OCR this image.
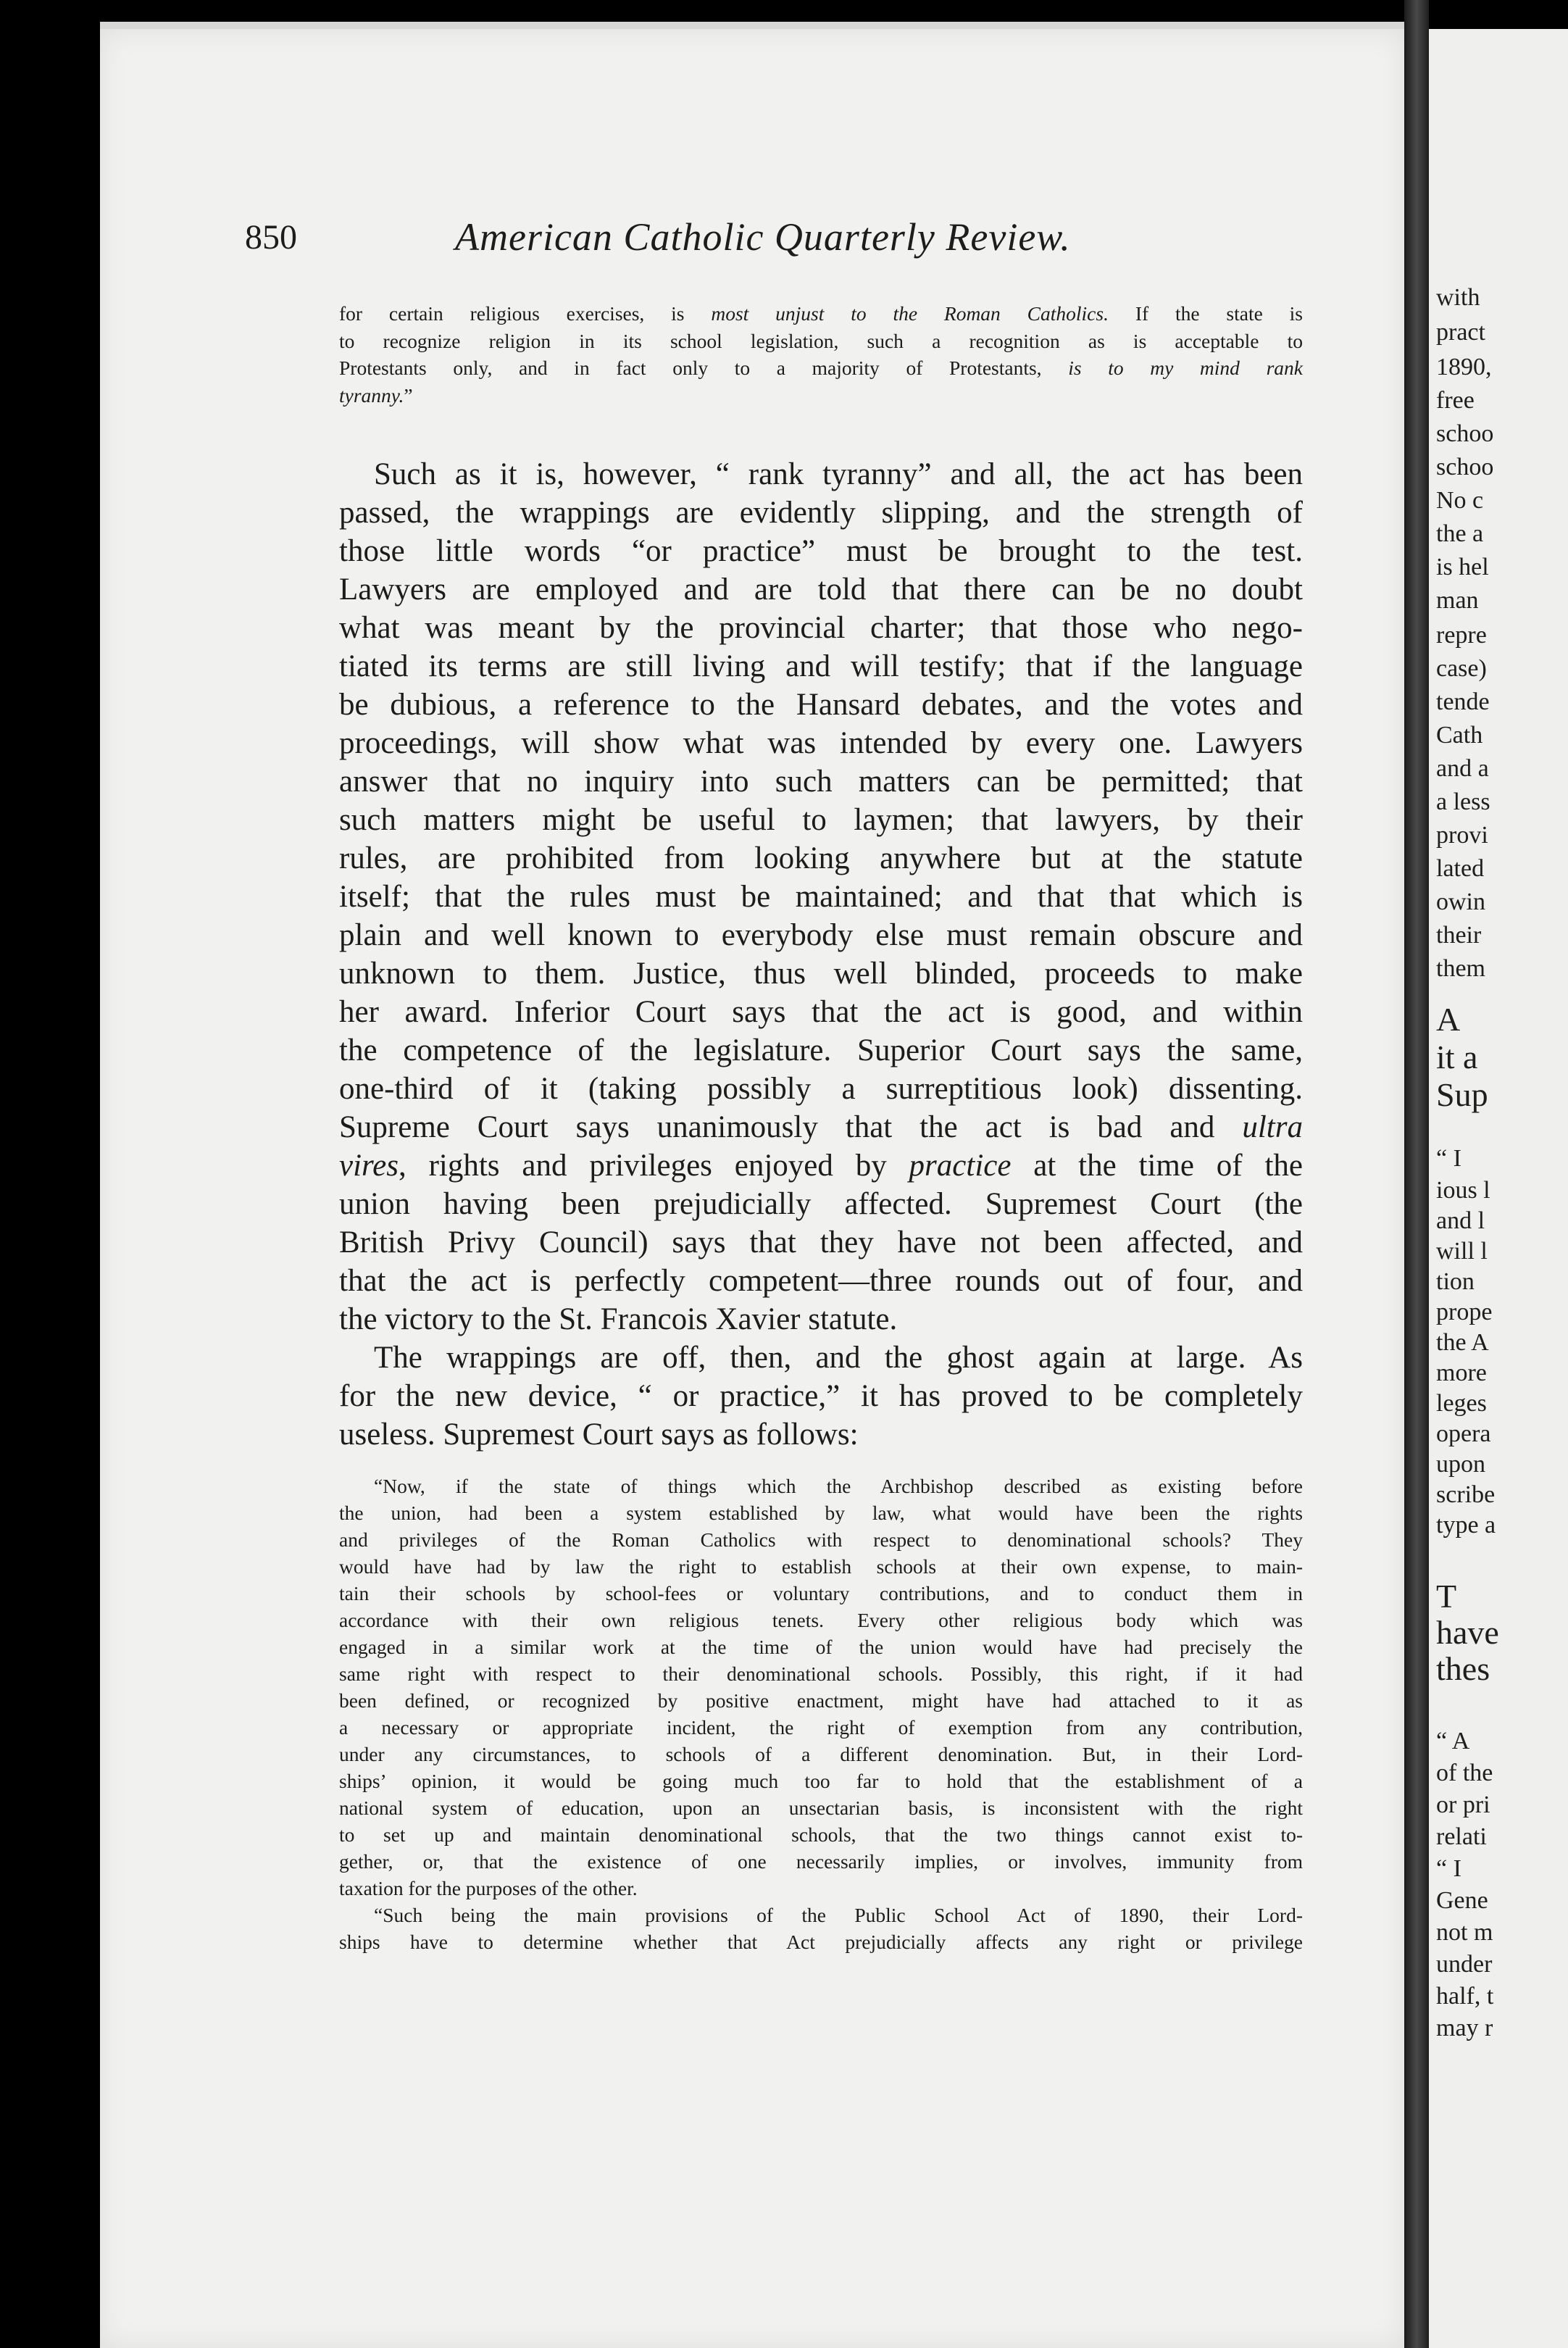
with
pract
1890,
free
schoo
schoo
No c
the a
is hel
man
repre
case)
tende
Cath
and a
a less
provi
lated
owin
their
them
A
it a
Sup
“ I
ious l
and l
will l
tion
prope
the A
more
leges
opera
upon
scribe
type a
T
have
thes
“ A
of the
or pri
relati
“ I
Gene
not m
under
half, t
may r
850	American Catholic Quarterly Review.
for certain religious exercises, is most unjust to the Roman Catholics. If the state is
to recognize religion in its school legislation, such a recognition as is acceptable to
Protestants only, and in fact only to a majority of Protestants, is to my mind rank
tyranny.”
Such as it is, however, “ rank tyranny” and all, the act has been
passed, the wrappings are evidently slipping, and the strength of
those little words “or practice” must be brought to the test.
Lawyers are employed and are told that there can be no doubt
what was meant by the provincial charter; that those who nego-
tiated its terms are still living and will testify; that if the language
be dubious, a reference to the Hansard debates, and the votes and
proceedings, will show what was intended by every one. Lawyers
answer that no inquiry into such matters can be permitted; that
such matters might be useful to laymen; that lawyers, by their
rules, are prohibited from looking anywhere but at the statute
itself; that the rules must be maintained; and that that which is
plain and well known to everybody else must remain obscure and
unknown to them. Justice, thus well blinded, proceeds to make
her award. Inferior Court says that the act is good, and within
the competence of the legislature. Superior Court says the same,
one-third of it (taking possibly a surreptitious look) dissenting.
Supreme Court says unanimously that the act is bad and ultra
vires, rights and privileges enjoyed by practice at the time of the
union having been prejudicially affected. Supremest Court (the
British Privy Council) says that they have not been affected, and
that the act is perfectly competent—three rounds out of four, and
the victory to the St. Francois Xavier statute.
The wrappings are off, then, and the ghost again at large. As
for the new device, “ or practice,” it has proved to be completely
useless. Supremest Court says as follows:
“Now, if the state of things which the Archbishop described as existing before
the union, had been a system established by law, what would have been the rights
and privileges of the Roman Catholics with respect to denominational schools? They
would have had by law the right to establish schools at their own expense, to main-
tain their schools by school-fees or voluntary contributions, and to conduct them in
accordance with their own religious tenets. Every other religious body which was
engaged in a similar work at the time of the union would have had precisely the
same right with respect to their denominational schools. Possibly, this right, if it had
been defined, or recognized by positive enactment, might have had attached to it as
a necessary or appropriate incident, the right of exemption from any contribution,
under any circumstances, to schools of a different denomination. But, in their Lord-
ships’ opinion, it would be going much too far to hold that the establishment of a
national system of education, upon an unsectarian basis, is inconsistent with the right
to set up and maintain denominational schools, that the two things cannot exist to-
gether, or, that the existence of one necessarily implies, or involves, immunity from
taxation for the purposes of the other.
“Such being the main provisions of the Public School Act of 1890, their Lord-
ships have to determine whether that Act prejudicially affects any right or privilege
